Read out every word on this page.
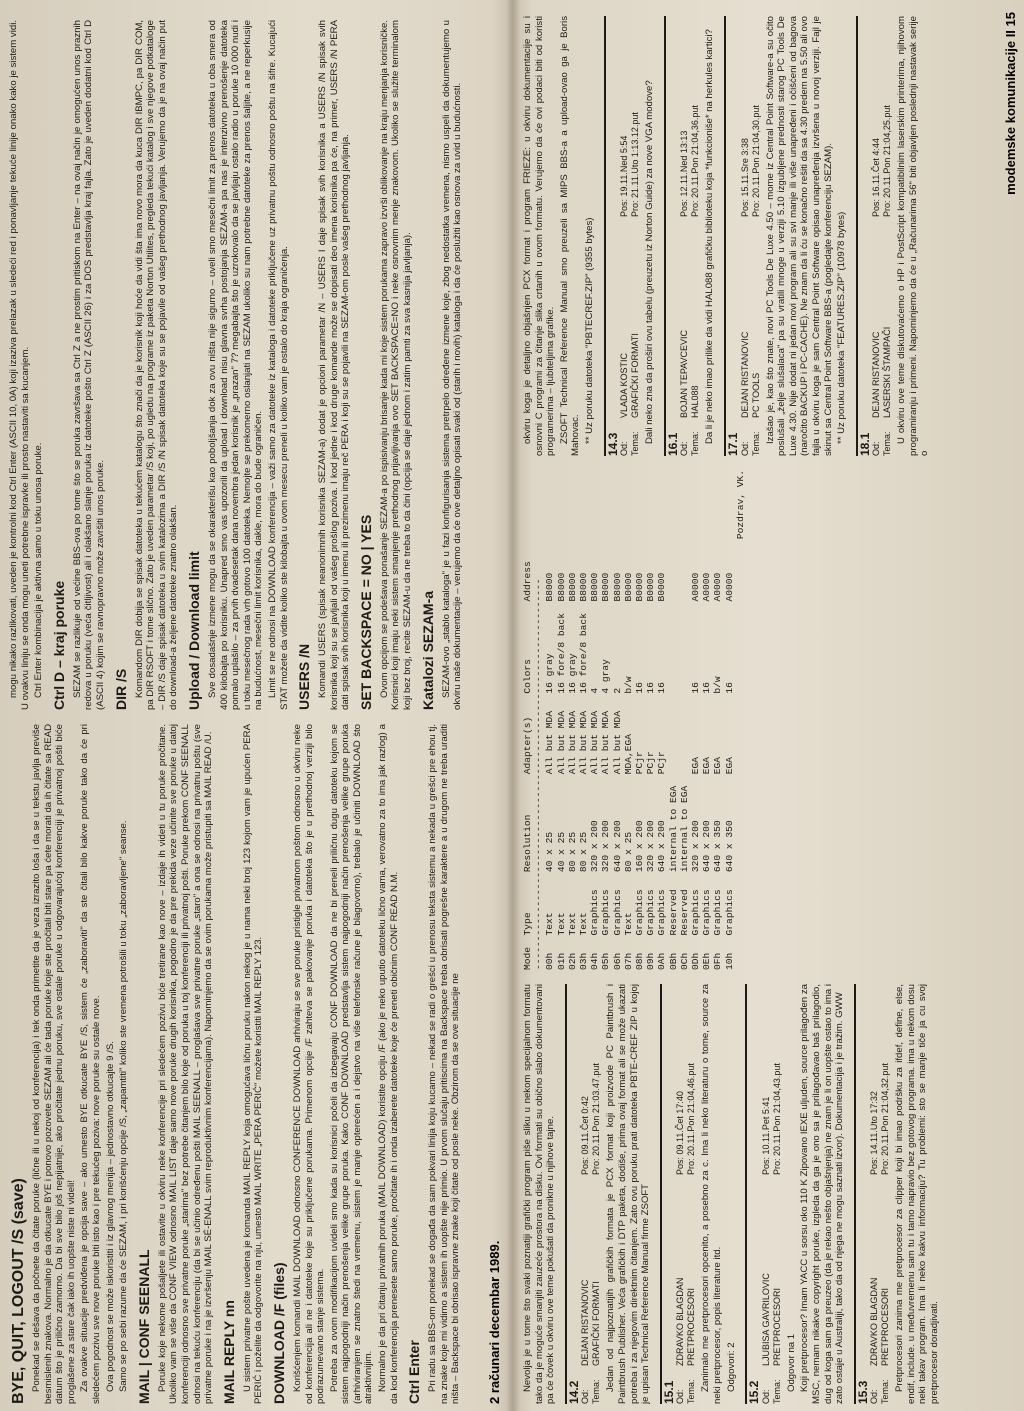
BYE, QUIT, LOGOUT /S (save) Ponekad se dešava da počnete da čitate poruke (lične ili u nekoj od konferencija) i tek onda primetite da je veza izrazito loša i da se u tekstu javlja previše besmislenih znakova. Normalno je da otkucate BYE i ponovo pozovete SEZAM ali će tada poruke koje ste pročitali biti stare pa ćete morati da ih čitate sa READ datum što je prilično zamorno. Da bi sve bilo još nepijatnije, ako pročitate jednu poruku, sve ostale poruke u odgovarajućoj konferenciji je privatnoj pošti biće proglašene za stare čak iako ih uopšte niste ni videli! Za ovakve situacije predviđena je opcija save – ako umesto BYE otkucate BYE /S, sistem će „zaboraviti" da ste čitali bilo kakve poruke tako da će pri sledećem pozivu sve nove poruke biti isto kao i pre tekućeg poziva: nove poruke su ostale nove. Ova pogodnost se može iskoristiti i iz glavnog menija – jednostavno otkucajte 9 /S. Samo se po sebi razume da će SEZAM, i pri korišćenju opcije /S, „zapamtiti" koliko ste vremena potrošili u toku „zaboravljene" seanse. MAIL | CONF SEENALL Poruke koje nekome pošaljete ili ostavite u okviru neke konferencije pri sledećem pozivu biće tretirane kao nove – izdaje ih videti u tu poruke pročitane. Ukoliko vam se više da CONF VIEW odnosno MAIL LIST daje samo nove poruke drugih korisnika, pogodno je da pre prekida veze učinite sve poruke u datoj konferenciji odnosno sve privatne poruke „starima" bez potrebe čitanjem bilo koje od poruka u toj konferenciji ili privatnoj pošti. Poruke prekom CONF SEENALL odnosi na tekuću konferenciju (da bi se učinio određenu pošti MAIL SEENALL – proglašava sve privatne poruke „staro" a ona se odnosi na privatnu poštu (sve privatne poruke i na je izvršenju MAIL SÉ-ENALL svim reproduktivnim konferencijama). Napominjemo da se ovim porukama može pristupiti sa MAIL READ /U. MAIL REPLY nn U sistem privatne pošte uvedena je komanda MAIL REPLY koja omogućava ličnu poruku nakon nekog je u nama neki broj 123 kojom vam je upućen PERA PERIĆ i poželite da odgovorite na nju, umesto MAIL WRITE „PERA PERIĆ" možete koristiti MAIL REPLY 123. DOWNLOAD /F (files) Korišćenjem komandi MAIL DOWNLOAD odnosno CONFERENCE DOWNLOAD arhiviraju se sve poruke pristigle privatnom poštom odnosno u okviru neke od konferencija ali ne i datoteke koje su priključene porukama. Primenom opcije /F zahteva se pakovanje poruka i datoteka što je u prethodnoj verziji bilo podrazumevano stanje sistema. Potreba za ovom modifikacijom uvideli smo kada su korisnici počeli da izbegavaju CONF DOWNLOAD da ne bi preneli priličnu dugu datoteku kojom se sistem najpogodniji način prenošenja velike grupe poruka. Kako CONF DOWNLOAD predstavlja sistem najpogodniji način prenošenja velike grupe poruka (arhiviranjem se znatno štedi na vremenu, sistem je manje opterećen a i dejstvo na više telefonske račune je blagovorno), trebalo je učiniti DOWNLOAD što atraktivnijim. Normalno je da pri čitanju privatnih poruka (MAIL DOWNLOAD) koristite opciju /F (ako je neko uputio datoteku lično vama, verovatno za to ima jak razlog) a da kod konferencija prenesete samo poruke, pročitate ih i onda izaberete datoteke koje će preneti običnim CONF READ N.M. Ctrl Enter Pri radu sa BBS-om ponekad se događa da sam pokvari linija koju kucamo – nekad se radi o grešci u prenosu teksta sistemu a nekada u grešci pre ehou tj. na znake koje mi vidimo a sistem ih uopšte nije primio. U prvom slučaju pritiscima na Backspace treba obrisati pogrešne karaktere a u drugom ne treba uraditi ništa – Backspace bi obrisao ispravne znake koji čitate od posle neke. Obzirom da se ove situacije ne

mogu nikako razlikovati, uveden je kontrolni kod Ctrl Enter (ASCII 10, 0A) koji izaziva prelazak u sledeći red i ponavljanje tekuće linije onako kako je sistem vidi. U ovakvu liniju se onda mogu uneti potrebne ispravke ili prosto nastaviti sa kucanjem. Ctrl Enter kombinacija je aktivna samo u toku unosa poruke. Ctrl D – kraj poruke SEZAM se razlikuje od većine BBS-ova po tome što se poruka završava sa Ctrl Z a ne prostim pritiskom na Enter – na ovaj način je omogućen unos praznih redova u poruku (veća čitljivost) ali i olakšano slanje poruka iz datoteke pošto Ctrl Z (ASCII 26) i za DOS predstavlja kraj fajla. Zato je uveden dodatni kod Ctrl D (ASCII 4) kojim se ravnopravno može završiti unos poruke. DIR /S Komandom DIR dobija se spisak datoteka u tekućem katalogu što znači da je korisnik koji hoće da vidi šta ima novo mora da kuca DIR IBMPC, pa DIR COM, pa DIR RSOFT i tome slično. Zato je uveden parametar /S koji, po ugledu na programe iz paketa Norton Utilites, pregleda tekući katalog i sve njegove potkataloge – DIR /S daje spisak datoteka u svim katalozima a DIR /S /N spisak datoteka koje su se pojavile od vašeg prethodnog javljanja. Verujemo da je na ovaj način put do download-a željene datoteke znatno olakšan. Upload / Download limit Sve dosadašnje izmene mogu da se okarakterišu kao poboljšanja dok za ovu ništa nije sigurno – uveli smo mesečni limit za prenos datoteka u oba smera od 400 kilobajta po korisniku. Unapred smo vas upozorili da upload i download nisu glavna svrha postojanja SEZAM-a pa nas je intenzivno prenošenje datoteka pomalo uplašilo – za prvih dvadesetak dana novembra jedan korisnik je „prazan" 7? megabajta što je uzrokovalo da se javljaju ostalo radio u poruke 10 000 nudi i u toku mesečnog rada vrh gotovo 100 datoteka. Nemojte se prekomerno oslanjati na SEZAM ukoliko su nam potrebne datoteke za prenos šaljite, a ne reperkusije na budućnost, mesečni limit korisnika, dakle, mora do bude ograničen. Limit se ne odnosi na DOWNLOAD konferencija – važi samo za datoteke iz kataloga i datoteke priključene uz privatnu poštu odnosno poštu na šifre. Kucajući STAT možete da vidite koliko ste kilobajta u ovom mesecu preneli u koliko vam je ostalo do kraja ograničenja. USERS /N Komandi USERS (spisak neanonimnih korisnika SEZAM-a) dodat je opcioni parametar /N – USERS I daje spisak svih korisnika a USERS /N spisak svih korisnika koji su se javljali od vašeg prošlog poziva. I kod jedne i kod druge komande može se dopisati deo imena korisnika pa će, na primer, USERS /N PERA dati spisak svih korisnika koji u imenu ili prezimenu imaju reč PERA i koji su se pojavili na SEZAM-om posle vašeg prethodnog javljanja. SET BACKSPACE = NO | YES Ovom opcijom se podešava ponašanje SEZAM-a po ispisivanju brisanje kada mi koje sistem porukama zapravo izvrši oblikovanje na kraju menjanja korisničke. Korisnici koji imaju neki sistem smanjenje prethodnog prijavljivanja ovo SET BACKSPACE=NO i neke osnovnim menje znakovom. Ukoliko se služite terminalom koji bez broj, recite SEZAM-u da ne treba to da čini (opcija se daje jednom i zatim pamti za sva kasnija javljanja). Katalozi SEZAM-a SEZAM-ovo „stablo kataloga" je u fazi konfigurisanja sistema pretrpelo određene izmene koje, zbog nedostatka vremena, nismo uspeli da dokumentujemo u okviru naše dokumentacije – verujemo da će ove detaljno opisati svaki od (starih i novih) kataloga i da će poslužiti kao osnova za uvid u budućnosti.

2 računari decembar 1989. Nevolja je u tome što svaki poznatiji grafički program piše sliku u nekom specijalnom formatu tako da je moguće smanjiti zauzeće prostora na disku. Ovi formati su obično slabo dokumentovani pa će čovek u okviru ove teme pokušati da pronikne u njihove tajne. 14.2 Od:
DEJAN RISTANOVIC
Pos: 09.11.Čet 0:42
Tema:
GRAFIČKI FORMATI
Pro: 20.11.Pon 21:03.47.put Jedan od najpoznatijih grafičkih formata je PCX format koji proizvode PC Paintbrush i Paintbrush Publisher. Veća grafičkih i DTP paketa, dodiše, prima ovaj format ali se može ukazati potreba i za njegovim direktnim čitanjem. Zato ovu poruku prati datoteka PBTE-CREF ZIP u kojoj je upisan Technical Reference Manual firme ZSOFT 15.1 Od:
ZDRAVKO BLAGDAN
Pos: 09.11.Čet 17:40
Tema:
PRETPROCESORI
Pro: 20.11.Pon 21:04,46.put Zanimalo me pretprocesori opcenito, a posebno za c. Ima li neko literaturu o tome, source za neki pretprocesor, popis literature itd. Odgovori: 2

15.2 Od:
LJUBISA GAVRILOVIC
Pos: 10.11.Pet 5:41
Tema:
PRETPROCESORI
Pro: 20.11.Pon 21:04,43.put

Odgovor na 1 Koji pretprocesor? Imam YACC u sorsu oko 110 K Zipovano IEXE uljuden, source prilagođen za MSC, nemam nikakve copyright poruke, izgleda da ga je ono sa je prilagođavao baš prilagodio, dug od koga sam ga preuzeo (da je rekao nešto objašnjenja) ne znam je li on uopšte ostao to ima i zato ostaje u Australiji, tako da od njega ne mogu saznati izvor). Dokumentacija i je tražim. GWW 15.3 Od:
ZDRAVKO BLAGDAN
Pos: 14.11.Uto 17:32
Tema:
PRETPROCESORI
Pro: 20.11.Pon 21:04,32.put Pretprocesori zanima me pretprocesor za clipper koji bi imao podršku za ifdef, define, else, endif, include. u međuvremenu sam tu i tamo napravio bez gotovog programa. ima u nekom dosu neki takav program. Ima li neko kakvu informaciju? Tu problemi: sto se manje tiče ja cu svoj pretprocesor doradjivati.

Mode  Type       Resolution       Adapter(s)    Colors          Address -------------------------------------------------------------------- 00h   Text       40 x 25          All but MDA   16 gray         B8000 01h   Text       40 x 25          All but MDA   16 fore/8 back  B8000 02h   Text       80 x 25          All but MDA   16 gray         B8000 03h   Text       80 x 25          All but MDA   16 fore/8 back  B8000 04h   Graphics   320 x 200        All but MDA   4               B8000 05h   Graphics   320 x 200        All but MDA   4 gray          B8000 06h   Graphics   640 x 200        All but MDA   2               B8000 07h   Text       80 x 25          MDA,EGA       b/w             B0000 08h   Graphics   160 x 200        PCjr          16              B0000 09h   Graphics   320 x 200        PCjr          16              B0000 0Ah   Graphics   640 x 200        PCjr          16              B0000 0Bh   Reserved   internal to EGA 0Ch   Reserved   internal to EGA 0Dh   Graphics   320 x 200        EGA           16              A0000 0Eh   Graphics   640 x 200        EGA           16              A0000 0Fh   Graphics   640 x 350        EGA           b/w             A0000 10h   Graphics   640 x 350        EGA           16              A0000
Pozdrav, VK.

okviru koga je detaljno objašnjen PCX format i program FRIEZE: u okviru dokumentacije su i osnovni C programi za čitanje slika crtanih u ovom formatu. Verujemo da će ovi podaci biti od koristi programerima – ljubiteljima grafike. ZSOFT Technical Reference Manual smo preuzeli sa MIPS BBS-a a upload-ovao ga je Boris Mahovac. ** Uz poruku datoteka "PBTECREF.ZIP" (9355 bytes)

14.3 Od:
VLADA KOSTIC
Pos: 19.11.Ned 5:54
Tema:
GRAFIČKI FORMATI
Pro: 21.11.Uto 1:13.12.put Dali neko zna da proširi ovu tabelu (preuzetu iz Norton Guide) za nove VGA modove?

16.1 Od:
BOJAN TEPAVCEVIC
Pos: 12.11.Ned 13:13
Tema:
HAL088
Pro: 20.11.Pon 21:04,36.put Da li je neko imao prilike da vidi HAL088 grafičku biblioteku koja *funkcioniše* na herkules kartici?

17.1 Od:
DEJAN RISTANOVIC
Pos: 15.11.Sre 3:38
Tema:
PC TOOLS
Pro: 20.11.Pon 21:04,30.put Izašao je, kao što znate, novi PC Tools De Luxe 4.50 – mome iz Central Point Software-a su očito poslušali „želje slušalaca" pa su vratili mnoge u verziji 5.10 izgubljene prednosti starog PC Tools De Luxe 4.30. Nije dodat ni jedan novi program ali su svi manje ili više unapređeni i očišćeni od bagova (naročito BACKUP i PC-CACHE). Ne znam da li ću se konačno rešiti da sa 4.30 predem na 5.50 ali ovo fajla u okviru koga je sam Central Point Software opisao unapređenja izvršena u novoj verziji. Fajl je skinut sa Central Point Software BBS-a (pogledajte konferenciju SEZAM). ** Uz poruku datoteka "FEATURES.ZIP" (10978 bytes)

18.1 Od:
DEJAN RISTANOVIC
Pos: 16.11.Čet 4:44
Tema:
LASERSKI ŠTAMPAČI
Pro: 20.11.Pon 21:04,25.put U okviru ove teme diskutovaćemo o HP i PostScript kompatibilnim laserskim printerima, njihovom programiranju i primeni. Napominjemo da će u „Računarima 56" biti objavljen poslednji nastavak serije o

modemske komunikacije II 15
